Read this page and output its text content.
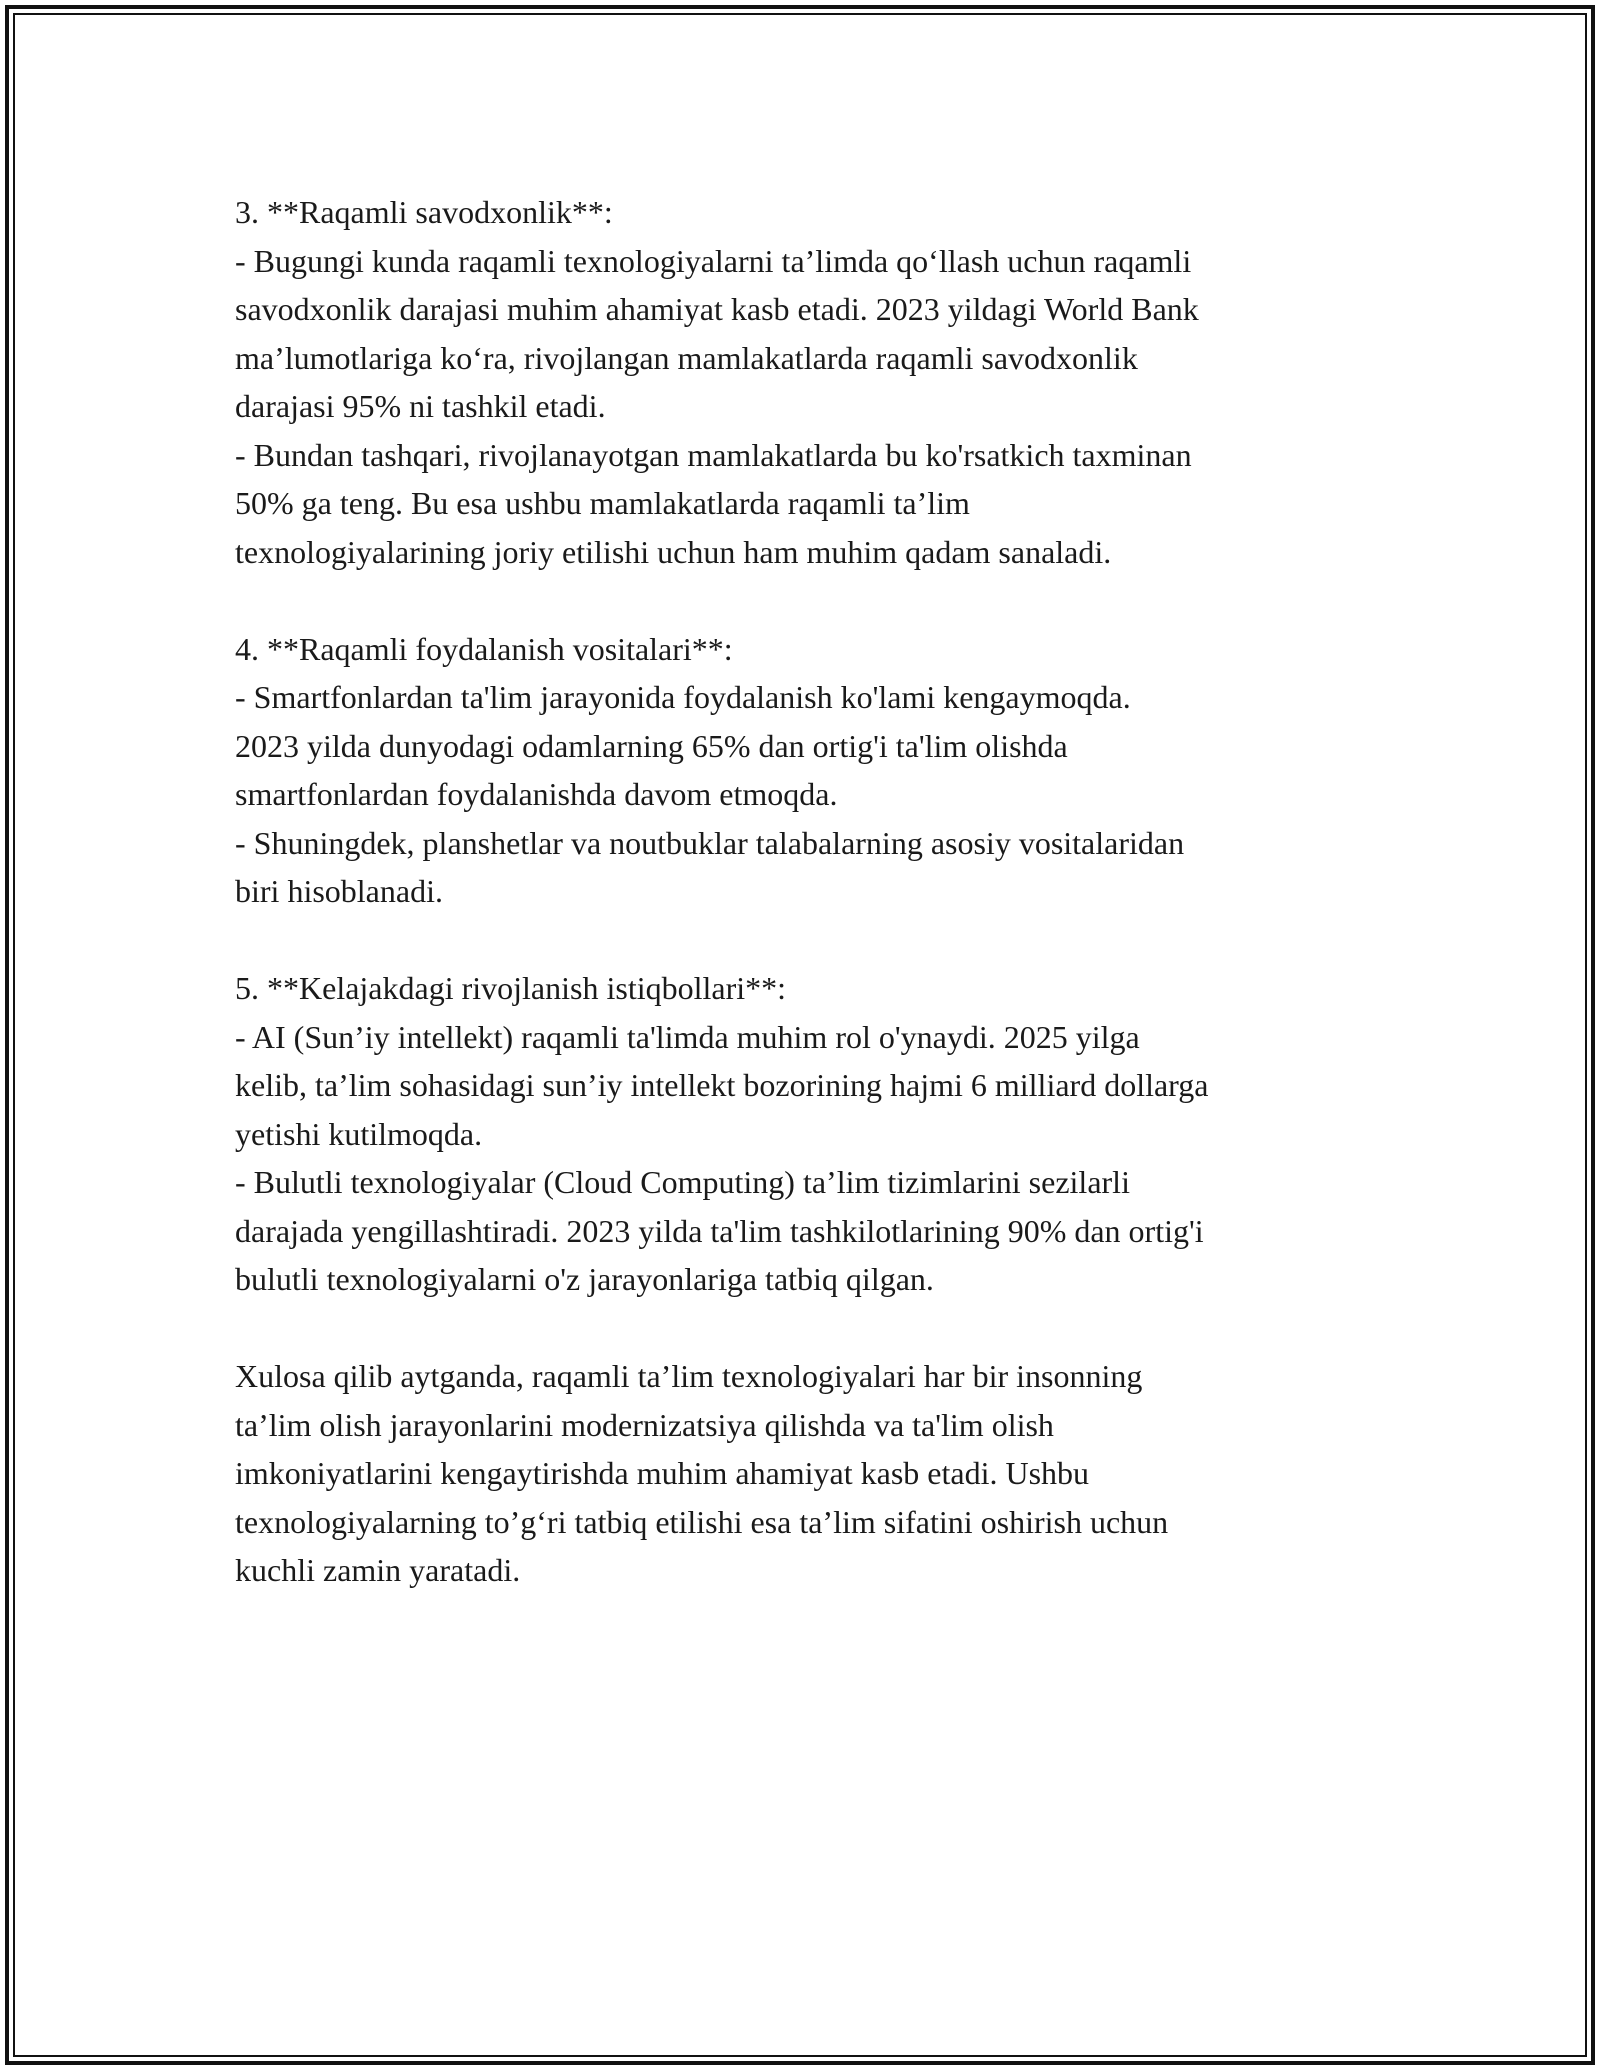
3. **Raqamli savodxonlik**:

- Bugungi kunda raqamli texnologiyalarni ta’limda qo‘llash uchun raqamli
savodxonlik darajasi muhim ahamiyat kasb etadi. 2023 yildagi World Bank
ma’lumotlariga ko‘ra, rivojlangan mamlakatlarda raqamli savodxonlik
darajasi 95% ni tashkil etadi.

- Bundan tashqari, rivojlanayotgan mamlakatlarda bu ko'rsatkich taxminan
50% ga teng. Bu esa ushbu mamlakatlarda raqamli ta’lim
texnologiyalarining joriy etilishi uchun ham muhim qadam sanaladi.

4. **Raqamli foydalanish vositalari**:

- Smartfonlardan ta'lim jarayonida foydalanish ko'lami kengaymoqda.
2023 yilda dunyodagi odamlarning 65% dan ortig'i ta'lim olishda
smartfonlardan foydalanishda davom etmoqda.

- Shuningdek, planshetlar va noutbuklar talabalarning asosiy vositalaridan
biri hisoblanadi.

5. **Kelajakdagi rivojlanish istiqbollari**:

- AI (Sun’iy intellekt) raqamli ta'limda muhim rol o'ynaydi. 2025 yilga
kelib, ta’lim sohasidagi sun’iy intellekt bozorining hajmi 6 milliard dollarga
yetishi kutilmoqda.

- Bulutli texnologiyalar (Cloud Computing) ta’lim tizimlarini sezilarli
darajada yengillashtiradi. 2023 yilda ta'lim tashkilotlarining 90% dan ortig'i
bulutli texnologiyalarni o'z jarayonlariga tatbiq qilgan.

Xulosa qilib aytganda, raqamli ta’lim texnologiyalari har bir insonning
ta’lim olish jarayonlarini modernizatsiya qilishda va ta'lim olish
imkoniyatlarini kengaytirishda muhim ahamiyat kasb etadi. Ushbu
texnologiyalarning to’g‘ri tatbiq etilishi esa ta’lim sifatini oshirish uchun
kuchli zamin yaratadi.
